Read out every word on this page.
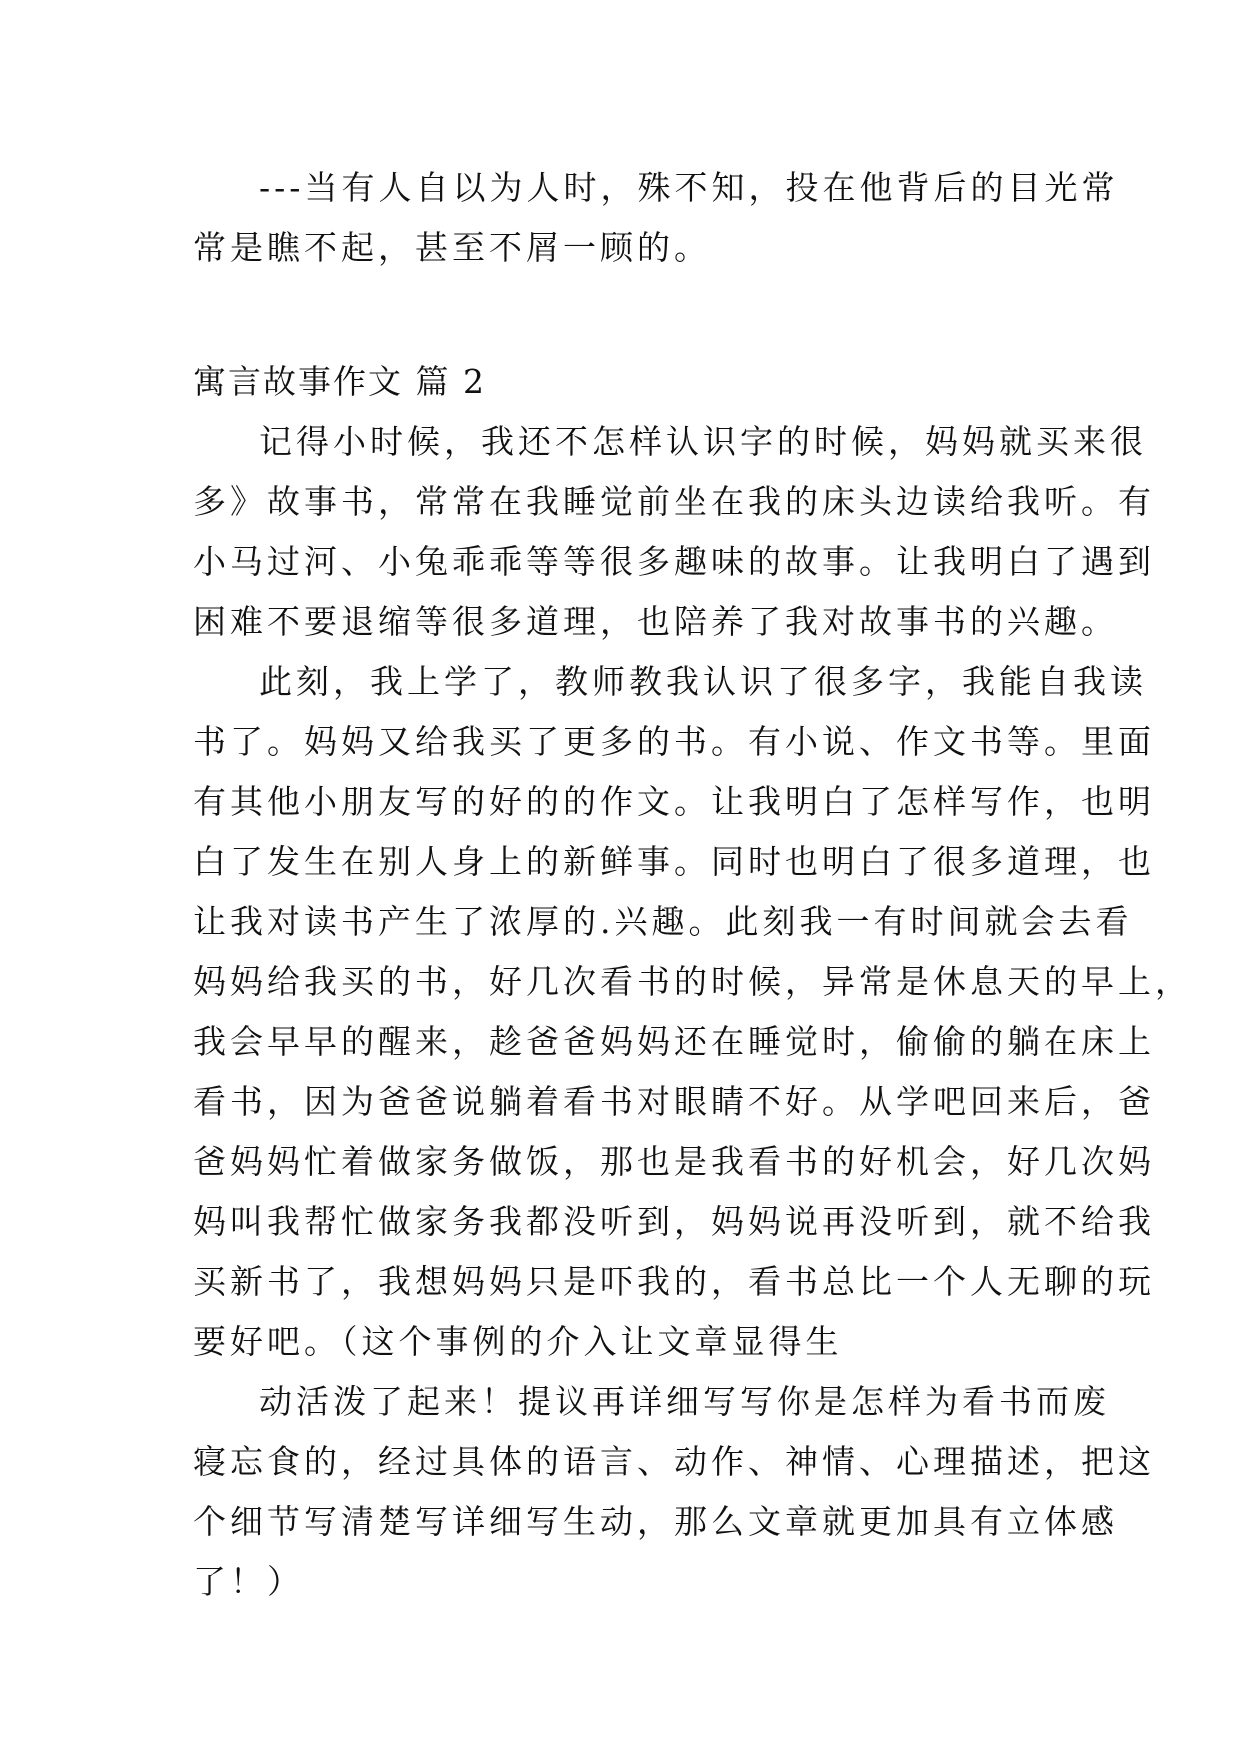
---当有人自以为人时，殊不知，投在他背后的目光常
常是瞧不起，甚至不屑一顾的。
寓言故事作文 篇 2
记得小时候，我还不怎样认识字的时候，妈妈就买来很
多》故事书，常常在我睡觉前坐在我的床头边读给我听。有
小马过河、小兔乖乖等等很多趣味的故事。让我明白了遇到
困难不要退缩等很多道理，也陪养了我对故事书的兴趣。
此刻，我上学了，教师教我认识了很多字，我能自我读
书了。妈妈又给我买了更多的书。有小说、作文书等。里面
有其他小朋友写的好的的作文。让我明白了怎样写作，也明
白了发生在别人身上的新鲜事。同时也明白了很多道理，也
让我对读书产生了浓厚的.兴趣。此刻我一有时间就会去看
妈妈给我买的书，好几次看书的时候，异常是休息天的早上，
我会早早的醒来，趁爸爸妈妈还在睡觉时，偷偷的躺在床上
看书，因为爸爸说躺着看书对眼睛不好。从学吧回来后，爸
爸妈妈忙着做家务做饭，那也是我看书的好机会，好几次妈
妈叫我帮忙做家务我都没听到，妈妈说再没听到，就不给我
买新书了，我想妈妈只是吓我的，看书总比一个人无聊的玩
要好吧。（这个事例的介入让文章显得生
动活泼了起来！提议再详细写写你是怎样为看书而废
寝忘食的，经过具体的语言、动作、神情、心理描述，把这
个细节写清楚写详细写生动，那么文章就更加具有立体感
了！）
